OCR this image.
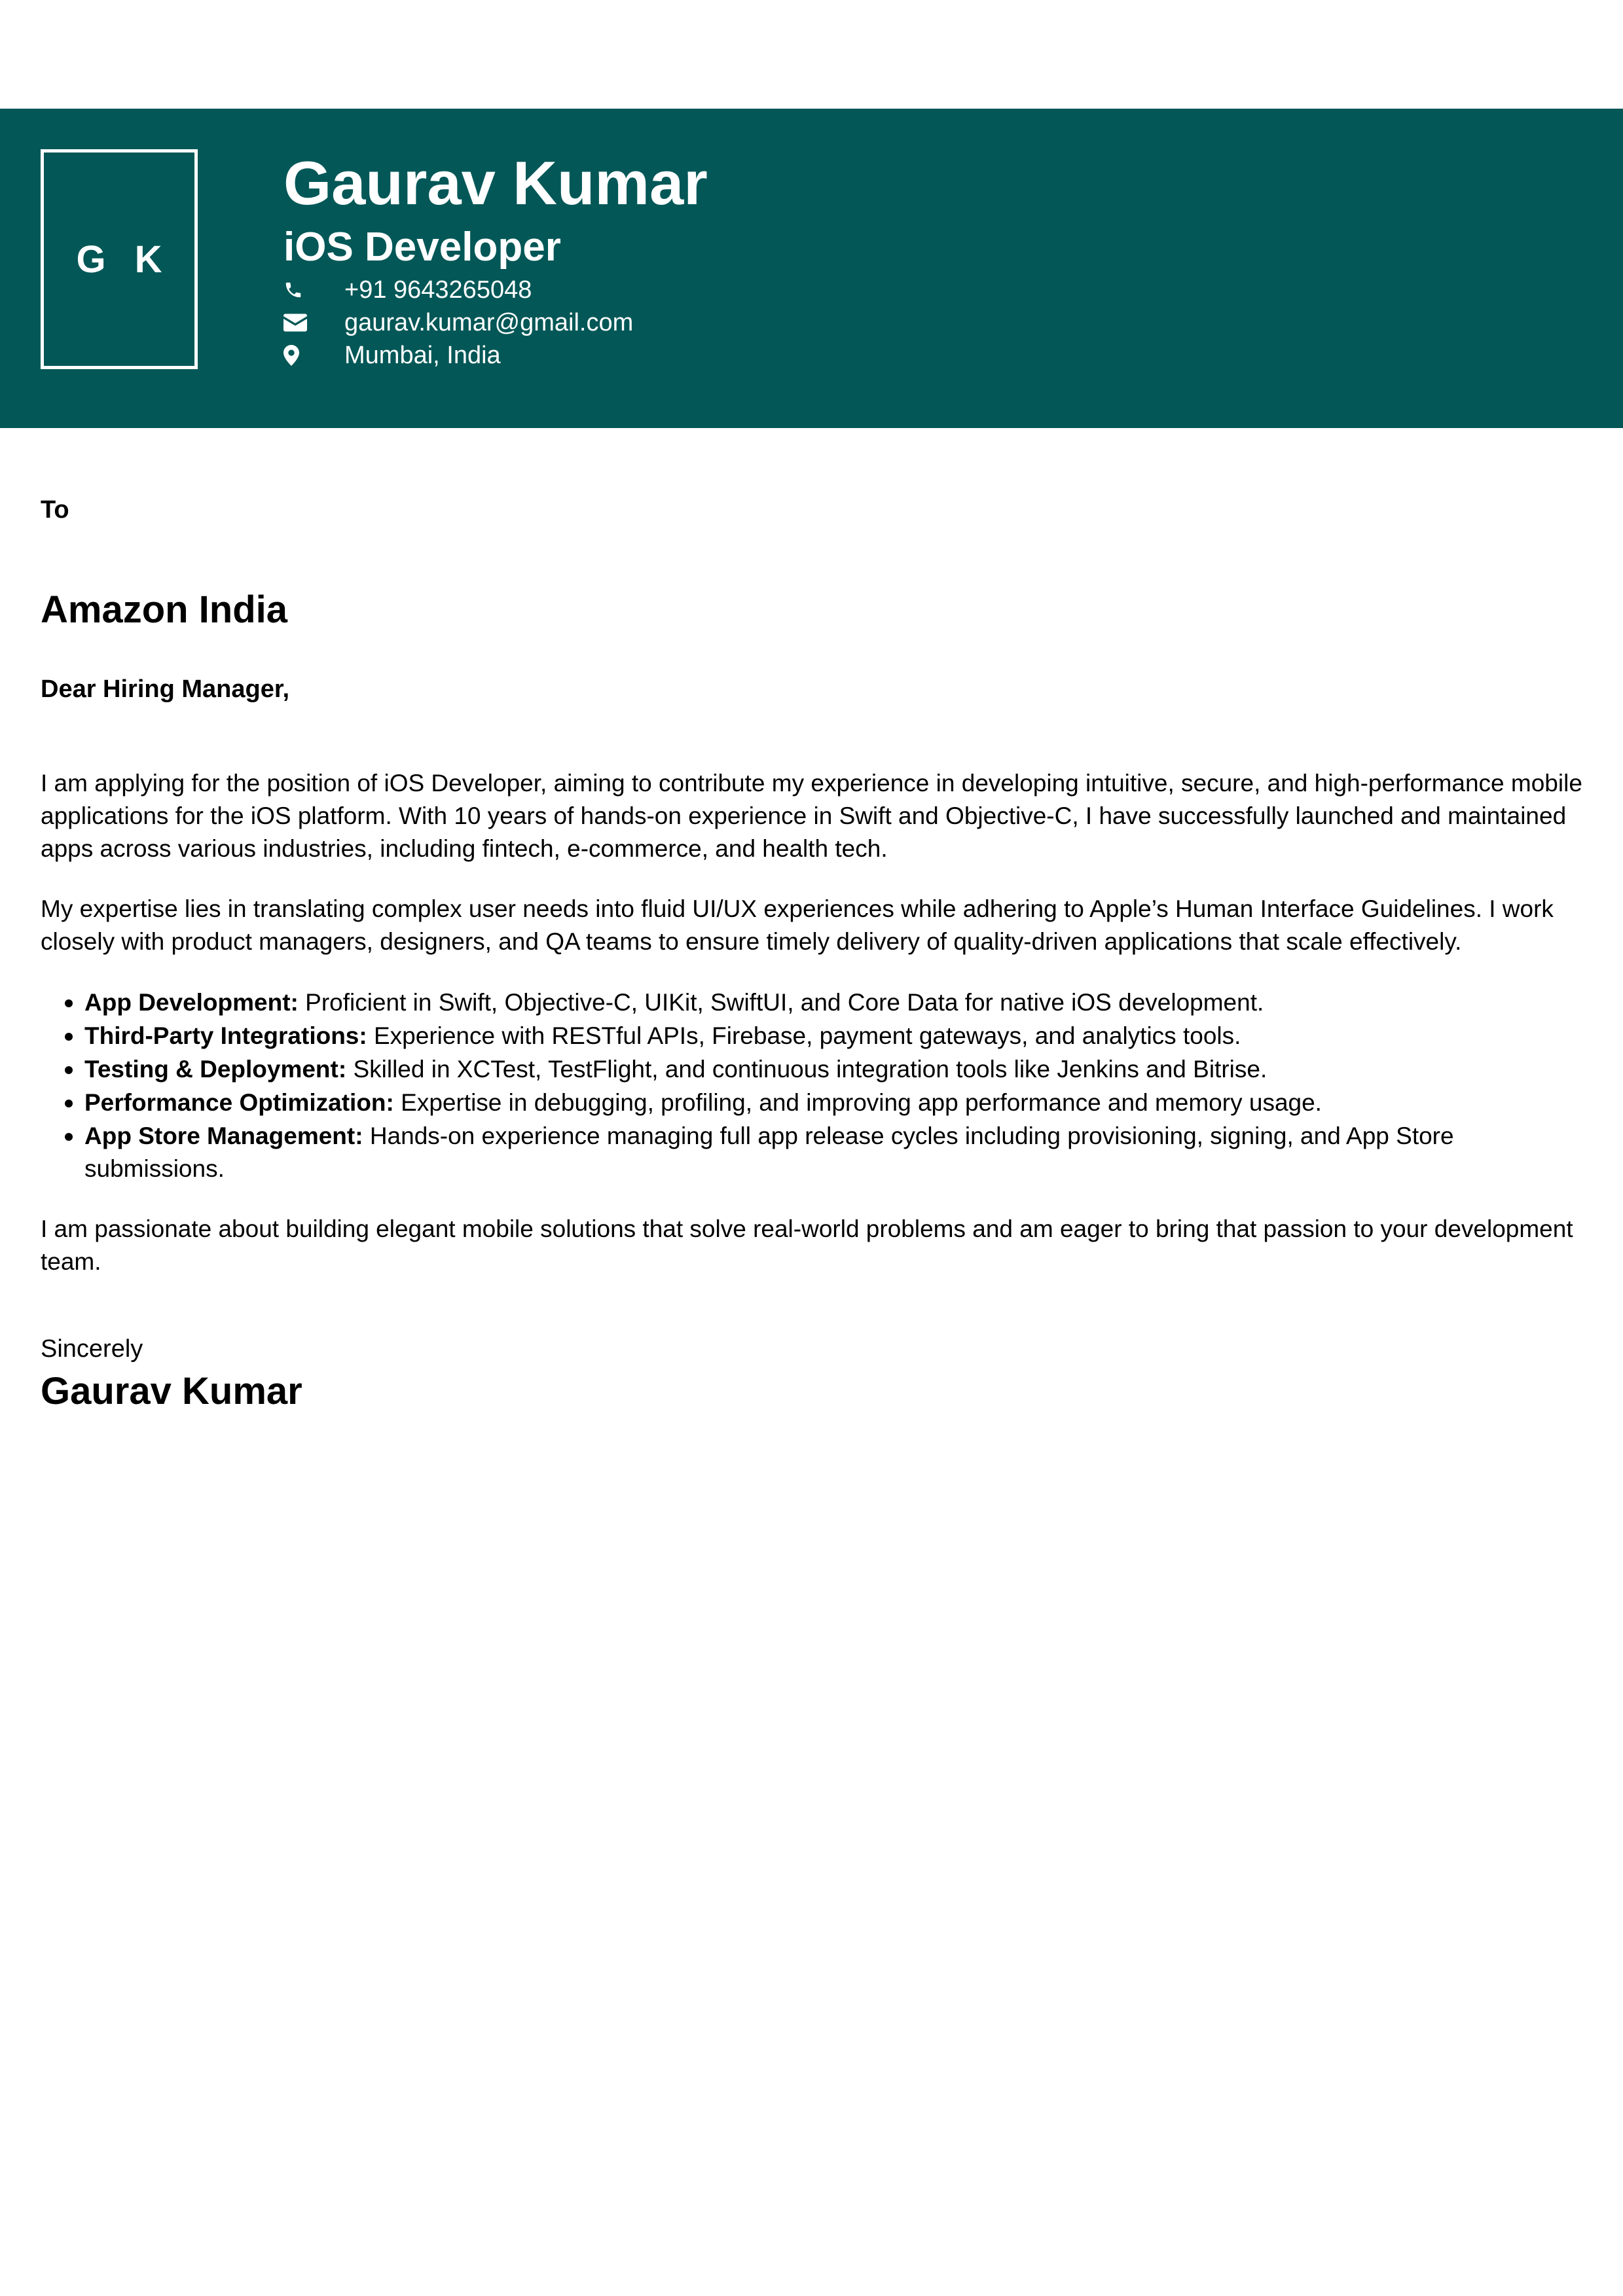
G K
Gaurav Kumar
iOS Developer
+91 9643265048
gaurav.kumar@gmail.com
Mumbai, India

To

Amazon India

Dear Hiring Manager,

I am applying for the position of iOS Developer, aiming to contribute my experience in developing intuitive, secure, and high-performance mobile applications for the iOS platform. With 10 years of hands-on experience in Swift and Objective-C, I have successfully launched and maintained apps across various industries, including fintech, e-commerce, and health tech.

My expertise lies in translating complex user needs into fluid UI/UX experiences while adhering to Apple’s Human Interface Guidelines. I work closely with product managers, designers, and QA teams to ensure timely delivery of quality-driven applications that scale effectively.

• App Development: Proficient in Swift, Objective-C, UIKit, SwiftUI, and Core Data for native iOS development.
• Third-Party Integrations: Experience with RESTful APIs, Firebase, payment gateways, and analytics tools.
• Testing & Deployment: Skilled in XCTest, TestFlight, and continuous integration tools like Jenkins and Bitrise.
• Performance Optimization: Expertise in debugging, profiling, and improving app performance and memory usage.
• App Store Management: Hands-on experience managing full app release cycles including provisioning, signing, and App Store submissions.

I am passionate about building elegant mobile solutions that solve real-world problems and am eager to bring that passion to your development team.

Sincerely

Gaurav Kumar
